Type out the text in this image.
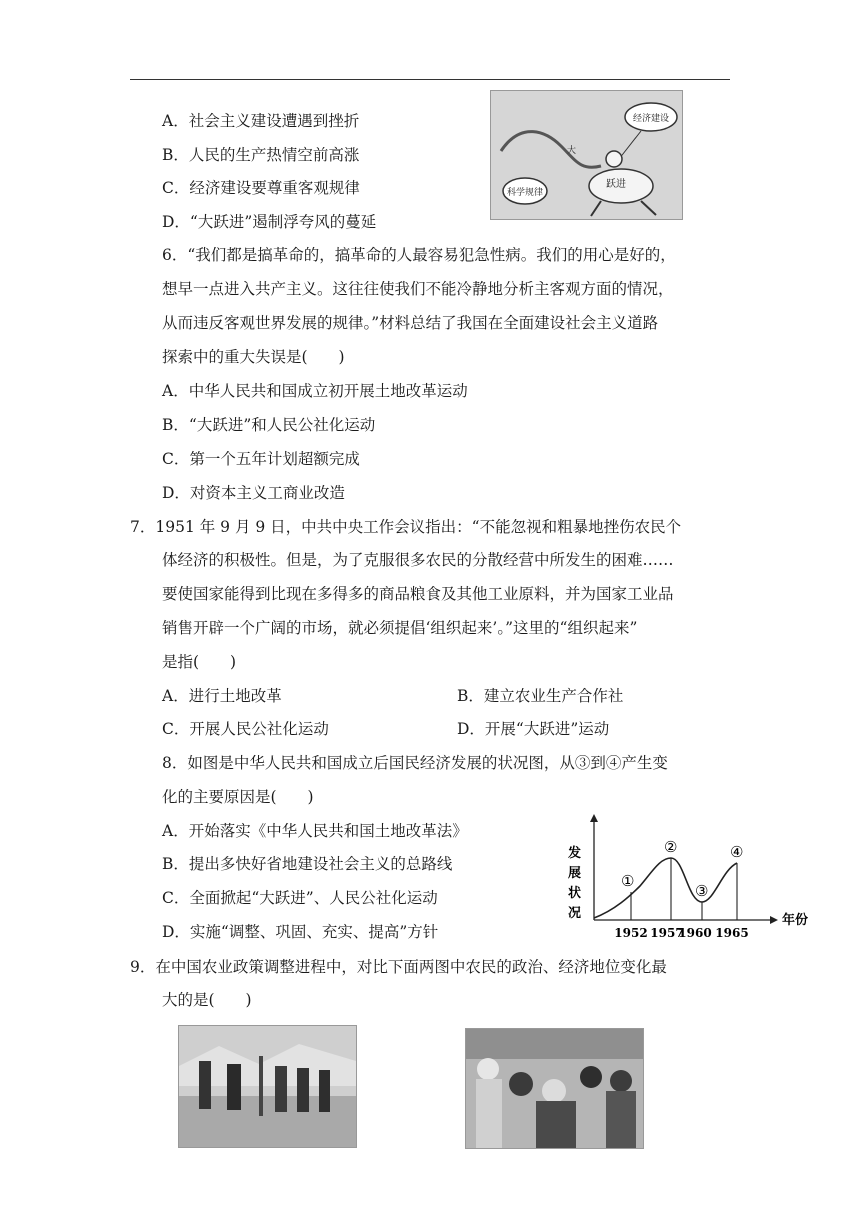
A．社会主义建设遭遇到挫折
B．人民的生产热情空前高涨
C．经济建设要尊重客观规律
D．“大跃进”遏制浮夸风的蔓延
科学规律
大
经济建设
跃进
6．“我们都是搞革命的，搞革命的人最容易犯急性病。我们的用心是好的，
想早一点进入共产主义。这往往使我们不能冷静地分析主客观方面的情况，
从而违反客观世界发展的规律。”材料总结了我国在全面建设社会主义道路
探索中的重大失误是(　　)
A．中华人民共和国成立初开展土地改革运动
B．“大跃进”和人民公社化运动
C．第一个五年计划超额完成
D．对资本主义工商业改造
7．1951 年 9 月 9 日，中共中央工作会议指出：“不能忽视和粗暴地挫伤农民个
体经济的积极性。但是，为了克服很多农民的分散经营中所发生的困难……
要使国家能得到比现在多得多的商品粮食及其他工业原料，并为国家工业品
销售开辟一个广阔的市场，就必须提倡‘组织起来’。”这里的“组织起来”
是指(　　)
A．进行土地改革	B．建立农业生产合作社
C．开展人民公社化运动	D．开展“大跃进”运动
8．如图是中华人民共和国成立后国民经济发展的状况图，从③到④产生变
化的主要原因是(　　)
A．开始落实《中华人民共和国土地改革法》
B．提出多快好省地建设社会主义的总路线
C．全面掀起“大跃进”、人民公社化运动
D．实施“调整、巩固、充实、提高”方针
发
展
状
况	年份
①
②
③
④
1952 1957
1960 1965
9．在中国农业政策调整进程中，对比下面两图中农民的政治、经济地位变化最
大的是(　　)
